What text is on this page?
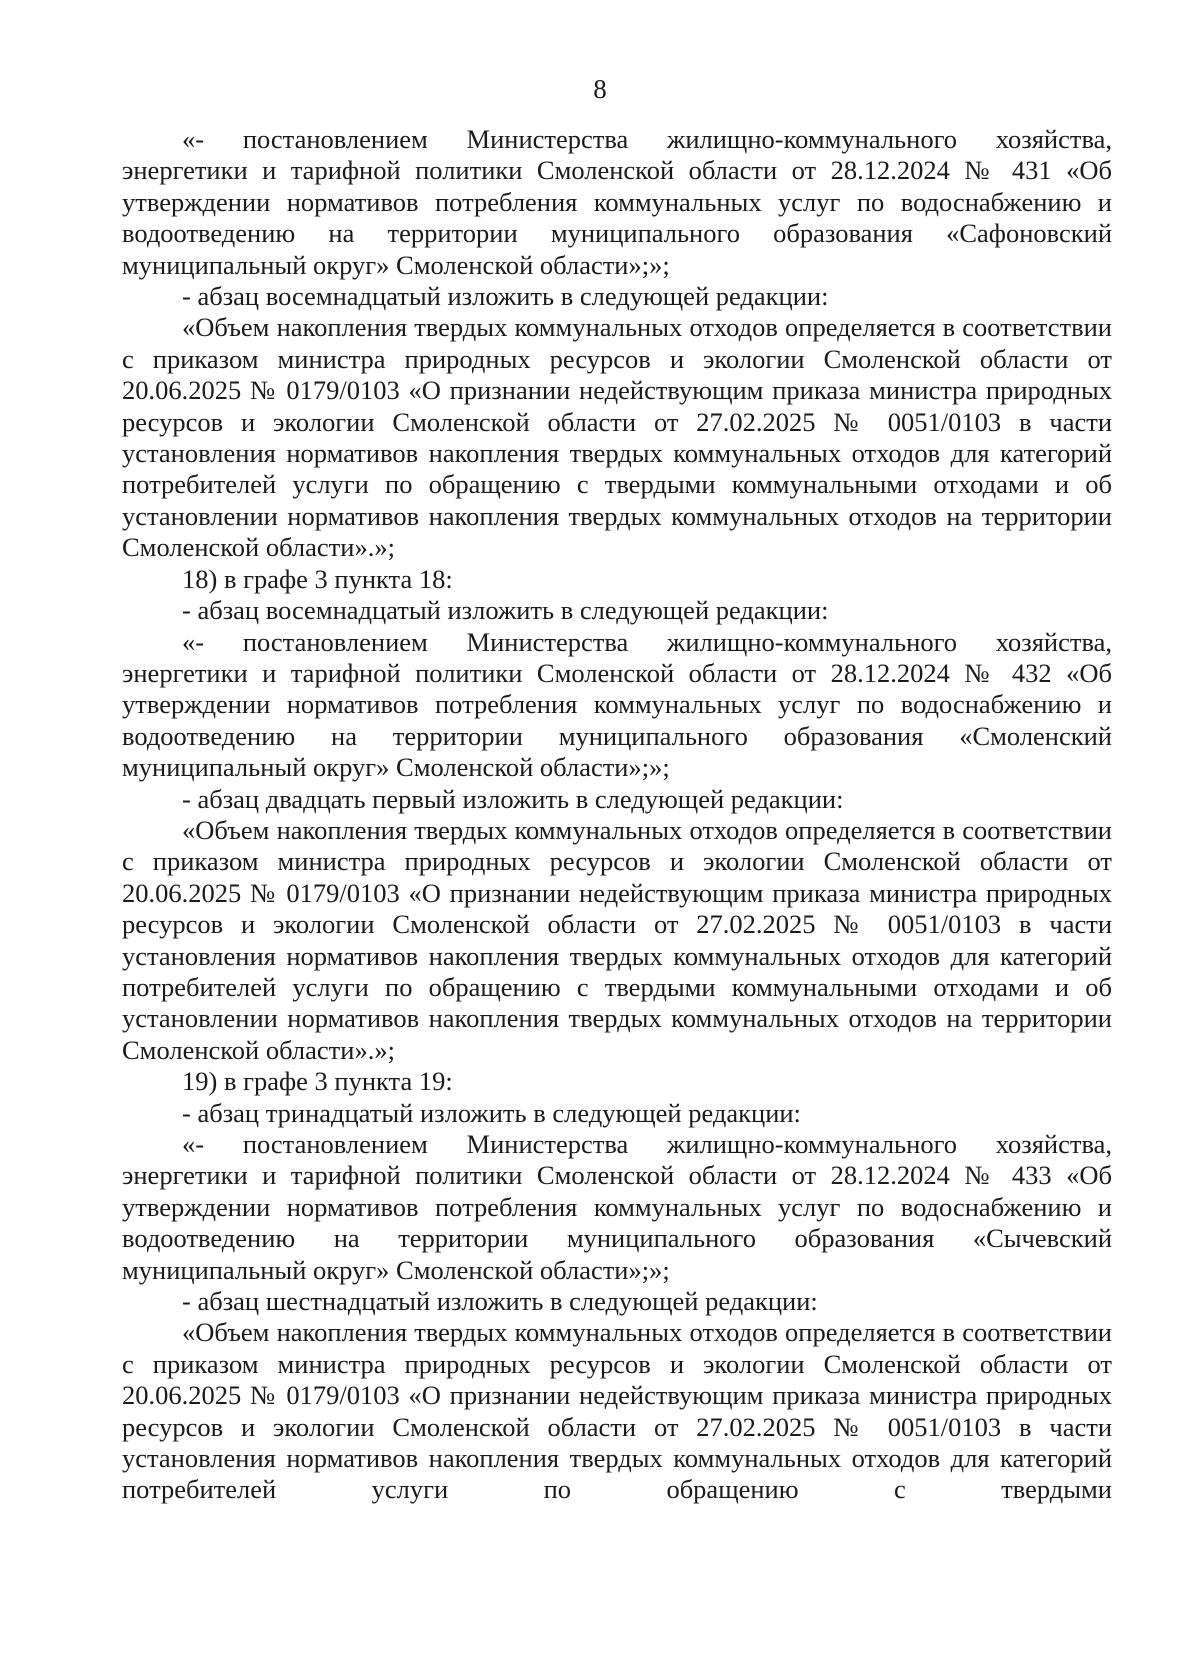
8

«- постановлением Министерства жилищно-коммунального хозяйства, энергетики и тарифной политики Смоленской области от 28.12.2024 № 431 «Об утверждении нормативов потребления коммунальных услуг по водоснабжению и водоотведению на территории муниципального образования «Сафоновский муниципальный округ» Смоленской области»;»;

- абзац восемнадцатый изложить в следующей редакции:

«Объем накопления твердых коммунальных отходов определяется в соответствии с приказом министра природных ресурсов и экологии Смоленской области от 20.06.2025 № 0179/0103 «О признании недействующим приказа министра природных ресурсов и экологии Смоленской области от 27.02.2025 № 0051/0103 в части установления нормативов накопления твердых коммунальных отходов для категорий потребителей услуги по обращению с твердыми коммунальными отходами и об установлении нормативов накопления твердых коммунальных отходов на территории Смоленской области».»;

18) в графе 3 пункта 18:

- абзац восемнадцатый изложить в следующей редакции:

«- постановлением Министерства жилищно-коммунального хозяйства, энергетики и тарифной политики Смоленской области от 28.12.2024 № 432 «Об утверждении нормативов потребления коммунальных услуг по водоснабжению и водоотведению на территории муниципального образования «Смоленский муниципальный округ» Смоленской области»;»;

- абзац двадцать первый изложить в следующей редакции:

«Объем накопления твердых коммунальных отходов определяется в соответствии с приказом министра природных ресурсов и экологии Смоленской области от 20.06.2025 № 0179/0103 «О признании недействующим приказа министра природных ресурсов и экологии Смоленской области от 27.02.2025 № 0051/0103 в части установления нормативов накопления твердых коммунальных отходов для категорий потребителей услуги по обращению с твердыми коммунальными отходами и об установлении нормативов накопления твердых коммунальных отходов на территории Смоленской области».»;

19) в графе 3 пункта 19:

- абзац тринадцатый изложить в следующей редакции:

«- постановлением Министерства жилищно-коммунального хозяйства, энергетики и тарифной политики Смоленской области от 28.12.2024 № 433 «Об утверждении нормативов потребления коммунальных услуг по водоснабжению и водоотведению на территории муниципального образования «Сычевский муниципальный округ» Смоленской области»;»;

- абзац шестнадцатый изложить в следующей редакции:

«Объем накопления твердых коммунальных отходов определяется в соответствии с приказом министра природных ресурсов и экологии Смоленской области от 20.06.2025 № 0179/0103 «О признании недействующим приказа министра природных ресурсов и экологии Смоленской области от 27.02.2025 № 0051/0103 в части установления нормативов накопления твердых коммунальных отходов для категорий потребителей услуги по обращению с твердыми
